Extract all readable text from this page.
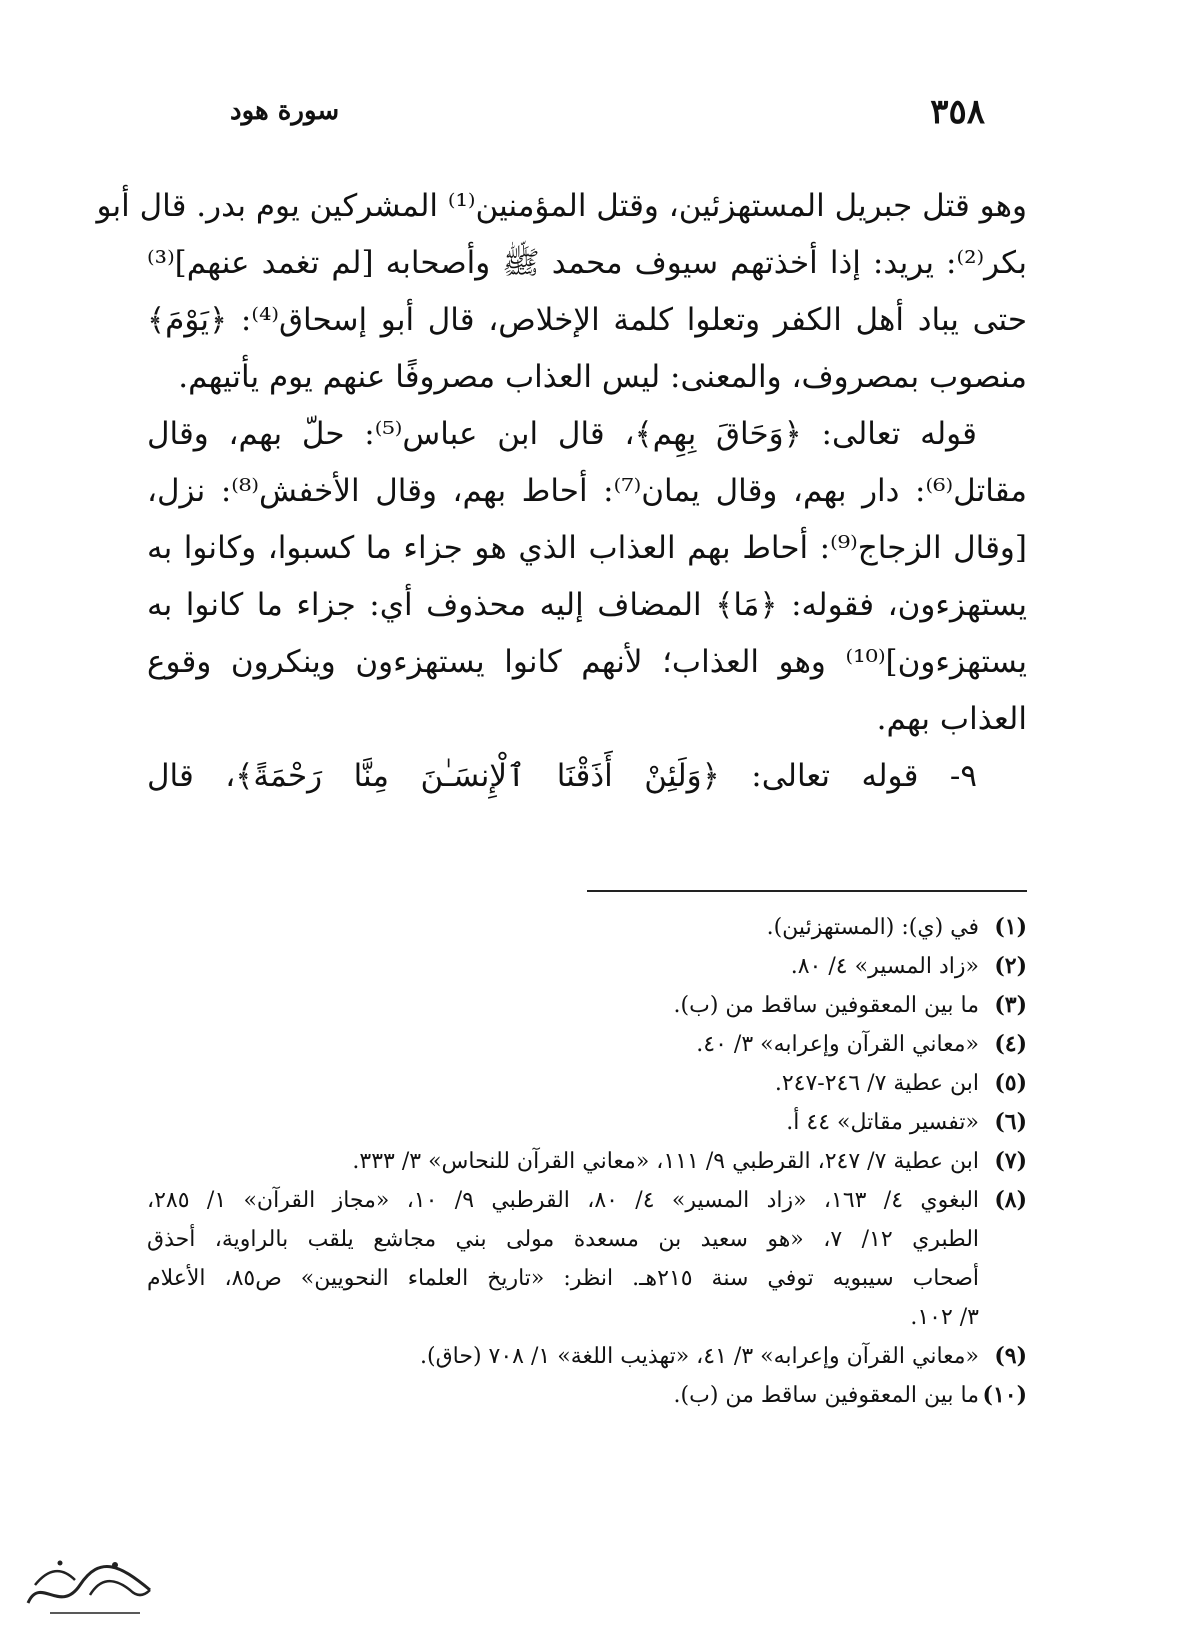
٣٥٨
سورة هود
وهو قتل جبريل المستهزئين، وقتل المؤمنين⁽¹⁾ المشركين يوم بدر. قال أبو
بكر⁽²⁾: يريد: إذا أخذتهم سيوف محمد ﷺ وأصحابه [لم تغمد عنهم]⁽³⁾
حتى يباد أهل الكفر وتعلوا كلمة الإخلاص، قال أبو إسحاق⁽⁴⁾: ﴿يَوْمَ﴾
منصوب بمصروف، والمعنى: ليس العذاب مصروفًا عنهم يوم يأتيهم.
قوله تعالى: ﴿وَحَاقَ بِهِم﴾، قال ابن عباس⁽⁵⁾: حلّ بهم، وقال
مقاتل⁽⁶⁾: دار بهم، وقال يمان⁽⁷⁾: أحاط بهم، وقال الأخفش⁽⁸⁾: نزل،
[وقال الزجاج⁽⁹⁾: أحاط بهم العذاب الذي هو جزاء ما كسبوا، وكانوا به
يستهزءون، فقوله: ﴿مَا﴾ المضاف إليه محذوف أي: جزاء ما كانوا به
يستهزءون]⁽¹⁰⁾ وهو العذاب؛ لأنهم كانوا يستهزءون وينكرون وقوع
العذاب بهم.
٩- قوله تعالى: ﴿وَلَئِنْ أَذَقْنَا ٱلْإِنسَـٰنَ مِنَّا رَحْمَةً﴾، قال
(١)في (ي): (المستهزئين).
(٢)«زاد المسير» ٤/ ٨٠.
(٣)ما بين المعقوفين ساقط من (ب).
(٤)«معاني القرآن وإعرابه» ٣/ ٤٠.
(٥)ابن عطية ٧/ ٢٤٦-٢٤٧.
(٦)«تفسير مقاتل» ٤٤ أ.
(٧)ابن عطية ٧/ ٢٤٧، القرطبي ٩/ ١١١، «معاني القرآن للنحاس» ٣/ ٣٣٣.
(٨)البغوي ٤/ ١٦٣، «زاد المسير» ٤/ ٨٠، القرطبي ٩/ ١٠، «مجاز القرآن» ١/ ٢٨٥،
الطبري ١٢/ ٧، «هو سعيد بن مسعدة مولى بني مجاشع يلقب بالراوية، أحذق
أصحاب سيبويه توفي سنة ٢١٥هـ. انظر: «تاريخ العلماء النحويين» ص٨٥، الأعلام
٣/ ١٠٢.
(٩)«معاني القرآن وإعرابه» ٣/ ٤١، «تهذيب اللغة» ١/ ٧٠٨ (حاق).
(١٠)ما بين المعقوفين ساقط من (ب).
